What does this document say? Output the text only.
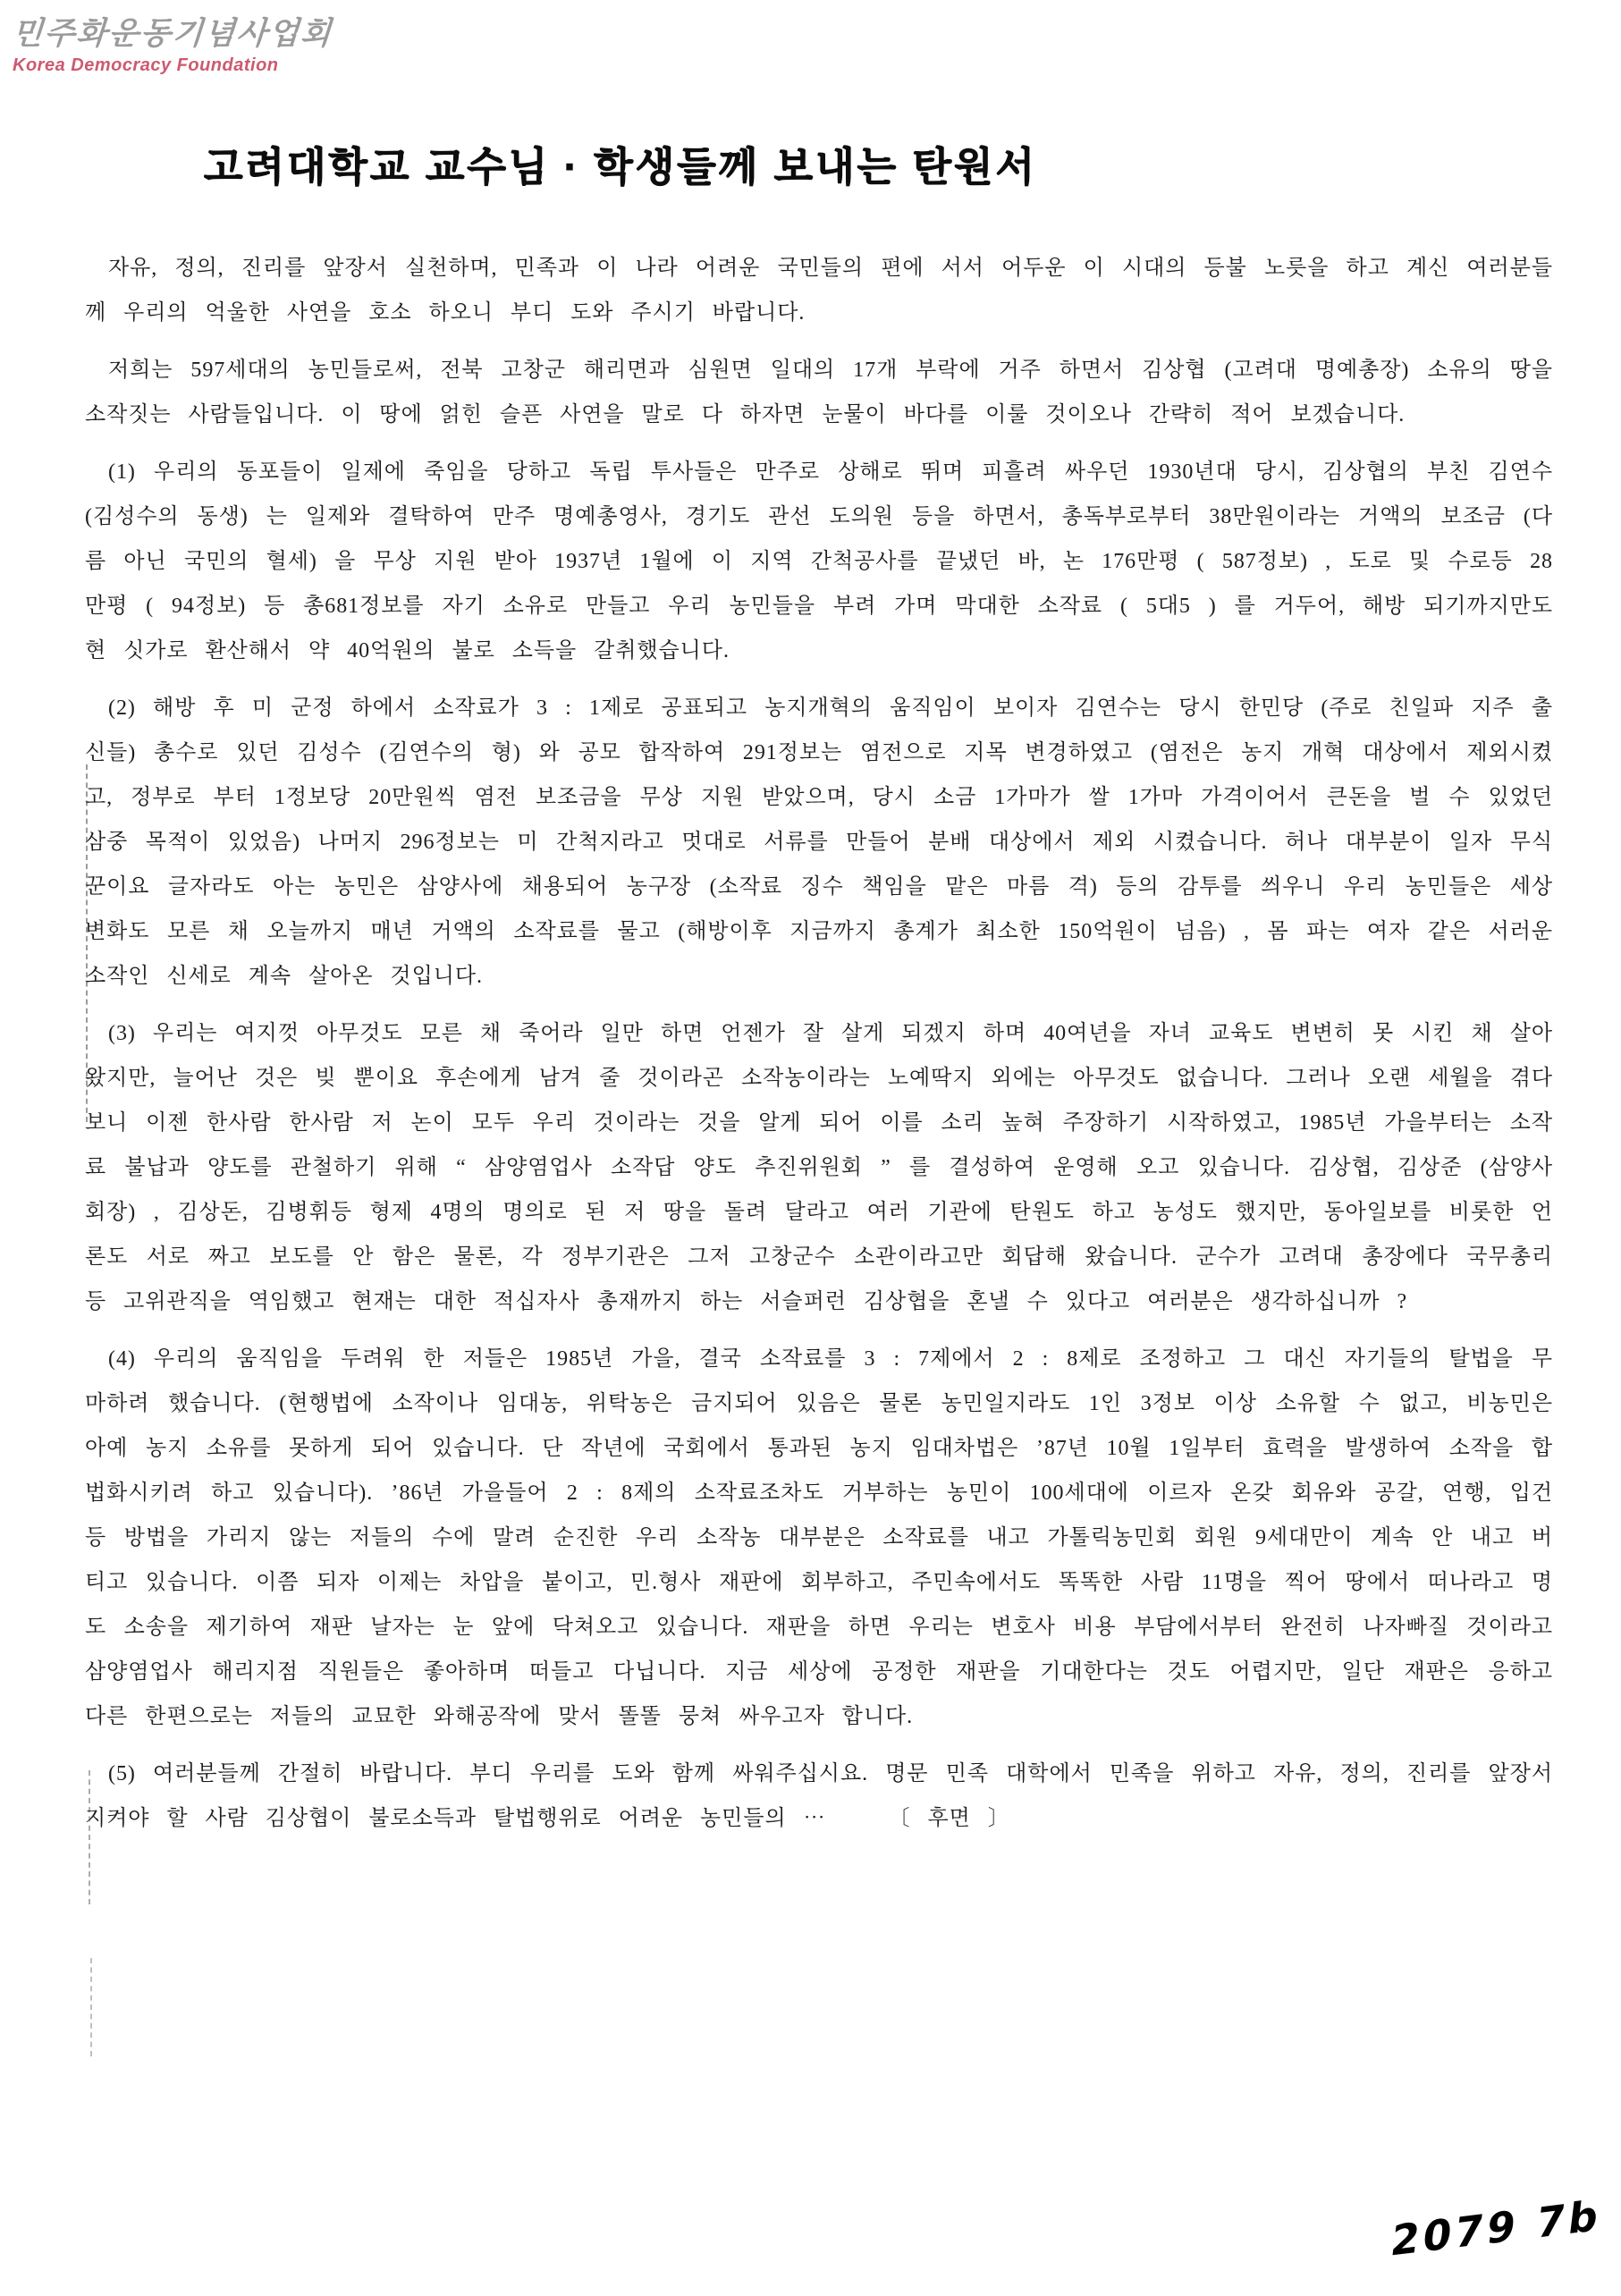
민주화운동기념사업회
Korea Democracy Foundation
고려대학교 교수님 · 학생들께 보내는 탄원서

자유, 정의, 진리를 앞장서 실천하며, 민족과 이 나라 어려운 국민들의 편에 서서 어두운 이 시대의 등불 노릇을 하고 계신 여러분들께 우리의 억울한 사연을 호소 하오니 부디 도와 주시기 바랍니다.

저희는 597세대의 농민들로써, 전북 고창군 해리면과 심원면 일대의 17개 부락에 거주 하면서 김상협 (고려대 명예총장) 소유의 땅을 소작짓는 사람들입니다. 이 땅에 얽힌 슬픈 사연을 말로 다 하자면 눈물이 바다를 이룰 것이오나 간략히 적어 보겠습니다.

(1) 우리의 동포들이 일제에 죽임을 당하고 독립 투사들은 만주로 상해로 뛰며 피흘려 싸우던 1930년대 당시, 김상협의 부친 김연수 (김성수의 동생) 는 일제와 결탁하여 만주 명예총영사, 경기도 관선 도의원 등을 하면서, 총독부로부터 38만원이라는 거액의 보조금 (다름 아닌 국민의 혈세) 을 무상 지원 받아 1937년 1월에 이 지역 간척공사를 끝냈던 바, 논 176만평 ( 587정보) , 도로 및 수로등 28만평 ( 94정보) 등 총681정보를 자기 소유로 만들고 우리 농민들을 부려 가며 막대한 소작료 ( 5대5 ) 를 거두어, 해방 되기까지만도 현 싯가로 환산해서 약 40억원의 불로 소득을 갈취했습니다.

(2) 해방 후 미 군정 하에서 소작료가 3 : 1제로 공표되고 농지개혁의 움직임이 보이자 김연수는 당시 한민당 (주로 친일파 지주 출신들) 총수로 있던 김성수 (김연수의 형) 와 공모 합작하여 291정보는 염전으로 지목 변경하였고 (염전은 농지 개혁 대상에서 제외시켰고, 정부로 부터 1정보당 20만원씩 염전 보조금을 무상 지원 받았으며, 당시 소금 1가마가 쌀 1가마 가격이어서 큰돈을 벌 수 있었던 삼중 목적이 있었음) 나머지 296정보는 미 간척지라고 멋대로 서류를 만들어 분배 대상에서 제외 시켰습니다. 허나 대부분이 일자 무식꾼이요 글자라도 아는 농민은 삼양사에 채용되어 농구장 (소작료 징수 책임을 맡은 마름 격) 등의 감투를 씌우니 우리 농민들은 세상 변화도 모른 채 오늘까지 매년 거액의 소작료를 물고 (해방이후 지금까지 총계가 최소한 150억원이 넘음) , 몸 파는 여자 같은 서러운 소작인 신세로 계속 살아온 것입니다.

(3) 우리는 여지껏 아무것도 모른 채 죽어라 일만 하면 언젠가 잘 살게 되겠지 하며 40여년을 자녀 교육도 변변히 못 시킨 채 살아 왔지만, 늘어난 것은 빚 뿐이요 후손에게 남겨 줄 것이라곤 소작농이라는 노예딱지 외에는 아무것도 없습니다. 그러나 오랜 세월을 겪다 보니 이젠 한사람 한사람 저 논이 모두 우리 것이라는 것을 알게 되어 이를 소리 높혀 주장하기 시작하였고, 1985년 가을부터는 소작료 불납과 양도를 관철하기 위해 “ 삼양염업사 소작답 양도 추진위원회 ” 를 결성하여 운영해 오고 있습니다. 김상협, 김상준 (삼양사 회장) , 김상돈, 김병휘등 형제 4명의 명의로 된 저 땅을 돌려 달라고 여러 기관에 탄원도 하고 농성도 했지만, 동아일보를 비롯한 언론도 서로 짜고 보도를 안 함은 물론, 각 정부기관은 그저 고창군수 소관이라고만 회답해 왔습니다. 군수가 고려대 총장에다 국무총리 등 고위관직을 역임했고 현재는 대한 적십자사 총재까지 하는 서슬퍼런 김상협을 혼낼 수 있다고 여러분은 생각하십니까 ?

(4) 우리의 움직임을 두려워 한 저들은 1985년 가을, 결국 소작료를 3 : 7제에서 2 : 8제로 조정하고 그 대신 자기들의 탈법을 무마하려 했습니다. (현행법에 소작이나 임대농, 위탁농은 금지되어 있음은 물론 농민일지라도 1인 3정보 이상 소유할 수 없고, 비농민은 아예 농지 소유를 못하게 되어 있습니다. 단 작년에 국회에서 통과된 농지 임대차법은 ’87년 10월 1일부터 효력을 발생하여 소작을 합법화시키려 하고 있습니다). ’86년 가을들어 2 : 8제의 소작료조차도 거부하는 농민이 100세대에 이르자 온갖 회유와 공갈, 연행, 입건등 방법을 가리지 않는 저들의 수에 말려 순진한 우리 소작농 대부분은 소작료를 내고 가톨릭농민회 회원 9세대만이 계속 안 내고 버티고 있습니다. 이쯤 되자 이제는 차압을 붙이고, 민.형사 재판에 회부하고, 주민속에서도 똑똑한 사람 11명을 찍어 땅에서 떠나라고 명도 소송을 제기하여 재판 날자는 눈 앞에 닥쳐오고 있습니다. 재판을 하면 우리는 변호사 비용 부담에서부터 완전히 나자빠질 것이라고 삼양염업사 해리지점 직원들은 좋아하며 떠들고 다닙니다. 지금 세상에 공정한 재판을 기대한다는 것도 어렵지만, 일단 재판은 응하고 다른 한편으로는 저들의 교묘한 와해공작에 맞서 똘똘 뭉쳐 싸우고자 합니다.

(5) 여러분들께 간절히 바랍니다. 부디 우리를 도와 함께 싸워주십시요. 명문 민족 대학에서 민족을 위하고 자유, 정의, 진리를 앞장서 지켜야 할 사람 김상협이 불로소득과 탈법행위로 어려운 농민들의 ⋯	〔 후면 〕

2079 7b
